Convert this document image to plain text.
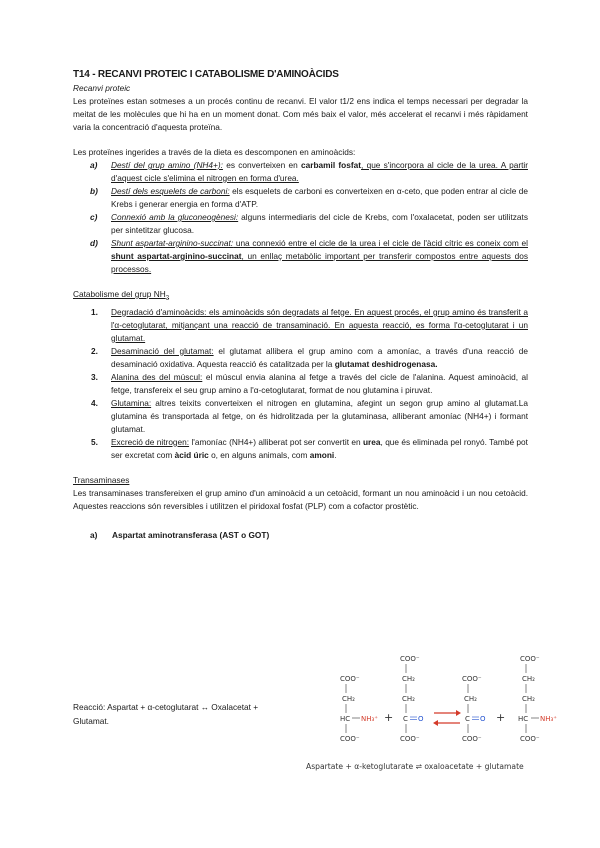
T14 - RECANVI PROTEIC I CATABOLISME D'AMINOÀCIDS
Recanvi proteic

Les proteïnes estan sotmeses a un procés continu de recanvi. El valor t1/2 ens indica el temps necessari per degradar la meitat de les molècules que hi ha en un moment donat. Com més baix el valor, més accelerat el recanvi i més ràpidament varia la concentració d'aquesta proteïna.

Les proteïnes ingerides a través de la dieta es descomponen en aminoàcids:

a) Destí del grup amino (NH4+): es converteixen en carbamil fosfat, que s'incorpora al cicle de la urea. A partir d'aquest cicle s'elimina el nitrogen en forma d'urea.
b) Destí dels esquelets de carboni: els esquelets de carboni es converteixen en α-ceto, que poden entrar al cicle de Krebs i generar energia en forma d'ATP.
c) Connexió amb la gluconeogènesi: alguns intermediaris del cicle de Krebs, com l'oxalacetat, poden ser utilitzats per sintetitzar glucosa.
d) Shunt aspartat-arginino-succinat: una connexió entre el cicle de la urea i el cicle de l'àcid cítric es coneix com el shunt aspartat-arginino-succinat, un enllaç metabòlic important per transferir compostos entre aquests dos processos.

Catabolisme del grup $NH_2$

1. Degradació d'aminoàcids: els aminoàcids són degradats al fetge. En aquest procés, el grup amino és transferit a l'α-cetoglutarat, mitjançant una reacció de transaminació. En aquesta reacció, es forma l'α-cetoglutarat i un glutamat.
2. Desaminació del glutamat: el glutamat allibera el grup amino com a amoníac, a través d'una reacció de desaminació oxidativa. Aquesta reacció és catalitzada per la glutamat deshidrogenasa.
3. Alanina des del múscul: el múscul envia alanina al fetge a través del cicle de l'alanina. Aquest aminoàcid, al fetge, transfereix el seu grup amino a l'α-cetoglutarat, format de nou glutamina i piruvat.
4. Glutamina: altres teixits converteixen el nitrogen en glutamina, afegint un segon grup amino al glutamat.La glutamina és transportada al fetge, on és hidrolitzada per la glutaminasa, alliberant amoníac (NH4+) i formant glutamat.
5. Excreció de nitrogen: l'amoníac (NH4+) alliberat pot ser convertit en urea, que és eliminada pel ronyó. També pot ser excretat com àcid úric o, en alguns animals, com amoni.

Transaminases

Les transaminases transfereixen el grup amino d'un aminoàcid a un cetoàcid, formant un nou aminoàcid i un nou cetoàcid. Aquestes reaccions són reversibles i utilitzen el piridoxal fosfat (PLP) com a cofactor prostètic.

a) Aspartat aminotransferasa (AST o GOT)
Reacció: Aspartat + α-cetoglutarat ↔ Oxalacetat + Glutamat.
COO⁻
CH₂
HC NH₃⁺
COO⁻
+
COO⁻
CH₂
CH₂
C O
COO⁻
COO⁻
CH₂
C O
COO⁻
+
COO⁻
CH₂
CH₂
HC NH₃⁺
COO⁻
Aspartate + α-ketoglutarate ⇌ oxaloacetate + glutamate
